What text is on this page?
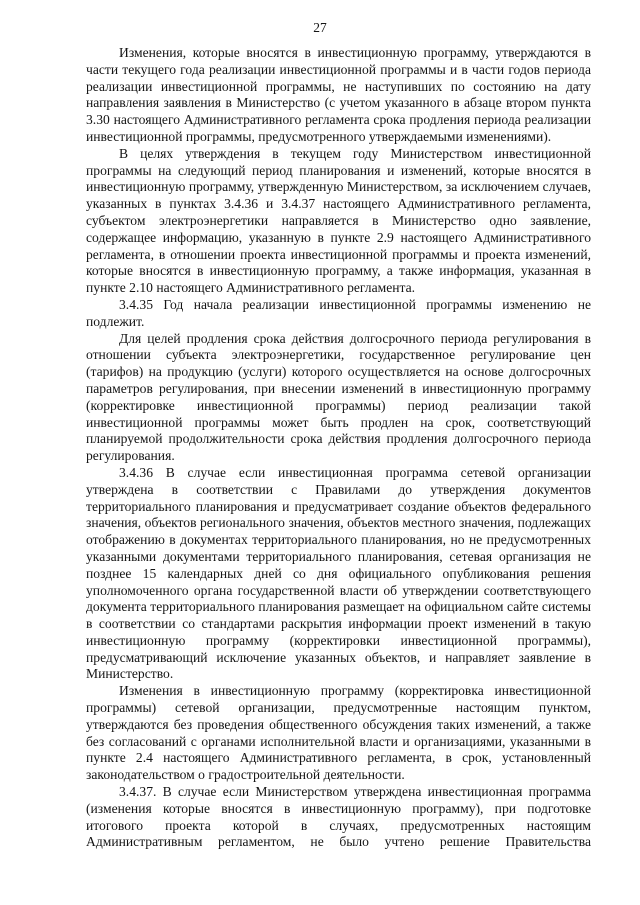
27

Изменения, которые вносятся в инвестиционную программу, утверждаются в части текущего года реализации инвестиционной программы и в части годов периода реализации инвестиционной программы, не наступивших по состоянию на дату направления заявления в Министерство (с учетом указанного в абзаце втором пункта 3.30 настоящего Административного регламента срока продления периода реализации инвестиционной программы, предусмотренного утверждаемыми изменениями).

В целях утверждения в текущем году Министерством инвестиционной программы на следующий период планирования и изменений, которые вносятся в инвестиционную программу, утвержденную Министерством, за исключением случаев, указанных в пунктах 3.4.36 и 3.4.37 настоящего Административного регламента, субъектом электроэнергетики направляется в Министерство одно заявление, содержащее информацию, указанную в пункте 2.9 настоящего Административного регламента, в отношении проекта инвестиционной программы и проекта изменений, которые вносятся в инвестиционную программу, а также информация, указанная в пункте 2.10 настоящего Административного регламента.

3.4.35 Год начала реализации инвестиционной программы изменению не подлежит.

Для целей продления срока действия долгосрочного периода регулирования в отношении субъекта электроэнергетики, государственное регулирование цен (тарифов) на продукцию (услуги) которого осуществляется на основе долгосрочных параметров регулирования, при внесении изменений в инвестиционную программу (корректировке инвестиционной программы) период реализации такой инвестиционной программы может быть продлен на срок, соответствующий планируемой продолжительности срока действия продления долгосрочного периода регулирования.

3.4.36 В случае если инвестиционная программа сетевой организации утверждена в соответствии с Правилами до утверждения документов территориального планирования и предусматривает создание объектов федерального значения, объектов регионального значения, объектов местного значения, подлежащих отображению в документах территориального планирования, но не предусмотренных указанными документами территориального планирования, сетевая организация не позднее 15 календарных дней со дня официального опубликования решения уполномоченного органа государственной власти об утверждении соответствующего документа территориального планирования размещает на официальном сайте системы в соответствии со стандартами раскрытия информации проект изменений в такую инвестиционную программу (корректировки инвестиционной программы), предусматривающий исключение указанных объектов, и направляет заявление в Министерство.

Изменения в инвестиционную программу (корректировка инвестиционной программы) сетевой организации, предусмотренные настоящим пунктом, утверждаются без проведения общественного обсуждения таких изменений, а также без согласований с органами исполнительной власти и организациями, указанными в пункте 2.4 настоящего Административного регламента, в срок, установленный законодательством о градостроительной деятельности.

3.4.37. В случае если Министерством утверждена инвестиционная программа (изменения которые вносятся в инвестиционную программу), при подготовке итогового проекта которой в случаях, предусмотренных настоящим Административным регламентом, не было учтено решение Правительства
